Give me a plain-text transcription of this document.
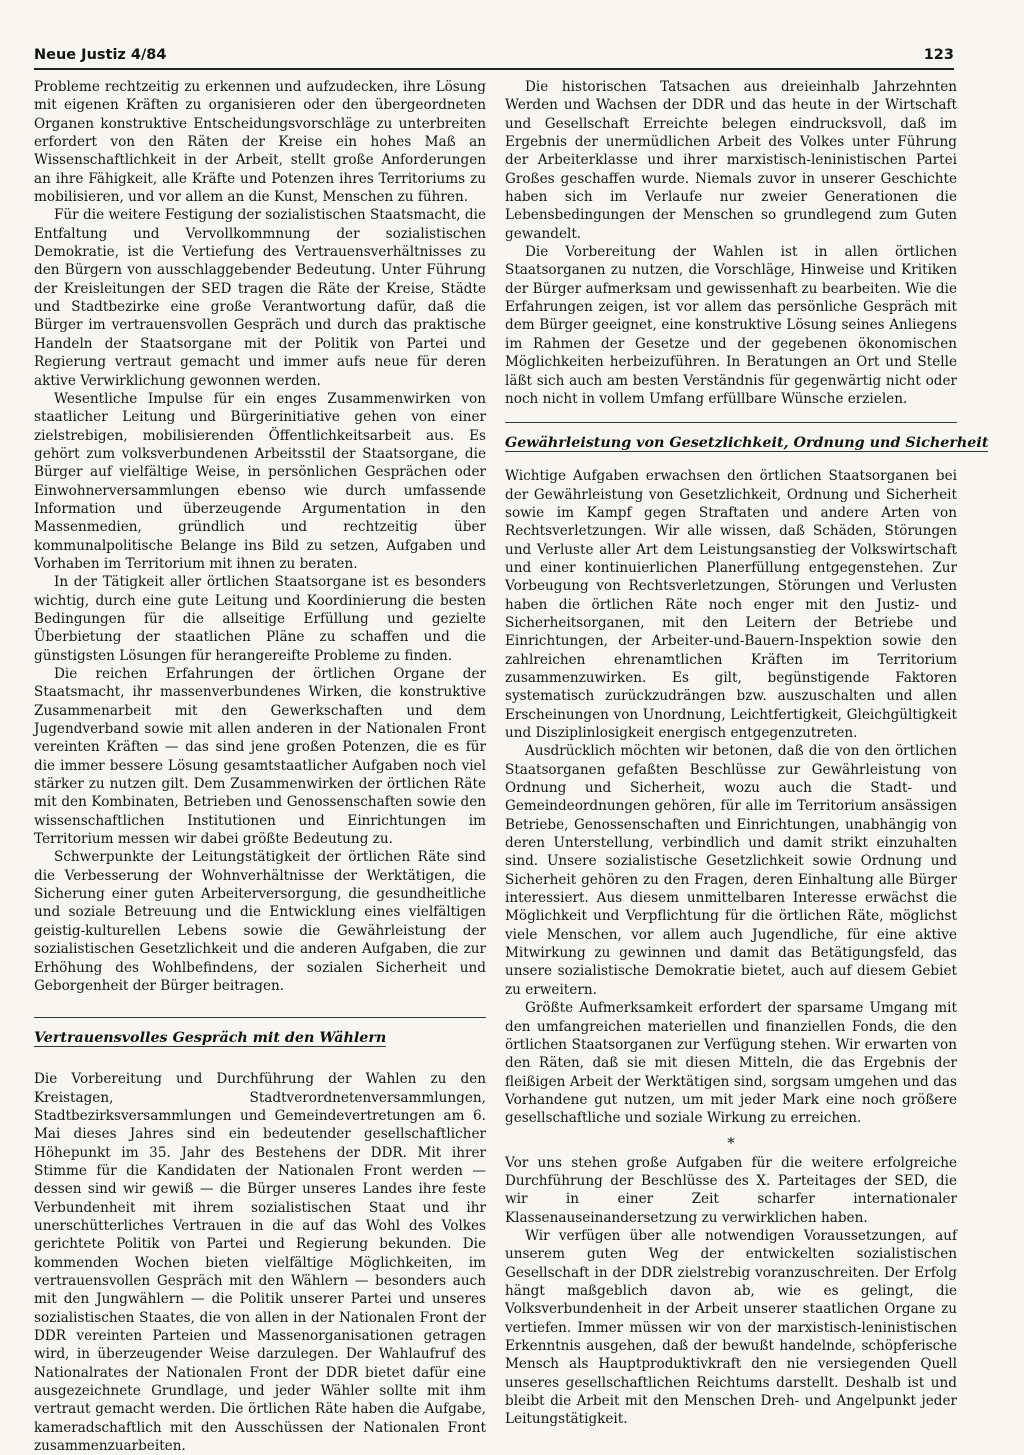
Neue Justiz 4/84	123

Probleme rechtzeitig zu erkennen und aufzudecken, ihre Lösung mit eigenen Kräften zu organisieren oder den übergeordneten Organen konstruktive Entscheidungsvorschläge zu unterbreiten erfordert von den Räten der Kreise ein hohes Maß an Wissenschaftlichkeit in der Arbeit, stellt große Anforderungen an ihre Fähigkeit, alle Kräfte und Potenzen ihres Territoriums zu mobilisieren, und vor allem an die Kunst, Menschen zu führen.

Für die weitere Festigung der sozialistischen Staatsmacht, die Entfaltung und Vervollkommnung der sozialistischen Demokratie, ist die Vertiefung des Vertrauensverhältnisses zu den Bürgern von ausschlaggebender Bedeutung. Unter Führung der Kreisleitungen der SED tragen die Räte der Kreise, Städte und Stadtbezirke eine große Verantwortung dafür, daß die Bürger im vertrauensvollen Gespräch und durch das praktische Handeln der Staatsorgane mit der Politik von Partei und Regierung vertraut gemacht und immer aufs neue für deren aktive Verwirklichung gewonnen werden.

Wesentliche Impulse für ein enges Zusammenwirken von staatlicher Leitung und Bürgerinitiative gehen von einer zielstrebigen, mobilisierenden Öffentlichkeitsarbeit aus. Es gehört zum volksverbundenen Arbeitsstil der Staatsorgane, die Bürger auf vielfältige Weise, in persönlichen Gesprächen oder Einwohnerversammlungen ebenso wie durch umfassende Information und überzeugende Argumentation in den Massenmedien, gründlich und rechtzeitig über kommunalpolitische Belange ins Bild zu setzen, Aufgaben und Vorhaben im Territorium mit ihnen zu beraten.

In der Tätigkeit aller örtlichen Staatsorgane ist es besonders wichtig, durch eine gute Leitung und Koordinierung die besten Bedingungen für die allseitige Erfüllung und gezielte Überbietung der staatlichen Pläne zu schaffen und die günstigsten Lösungen für herangereifte Probleme zu finden.

Die reichen Erfahrungen der örtlichen Organe der Staatsmacht, ihr massenverbundenes Wirken, die konstruktive Zusammenarbeit mit den Gewerkschaften und dem Jugendverband sowie mit allen anderen in der Nationalen Front vereinten Kräften — das sind jene großen Potenzen, die es für die immer bessere Lösung gesamtstaatlicher Aufgaben noch viel stärker zu nutzen gilt. Dem Zusammenwirken der örtlichen Räte mit den Kombinaten, Betrieben und Genossenschaften sowie den wissenschaftlichen Institutionen und Einrichtungen im Territorium messen wir dabei größte Bedeutung zu.

Schwerpunkte der Leitungstätigkeit der örtlichen Räte sind die Verbesserung der Wohnverhältnisse der Werktätigen, die Sicherung einer guten Arbeiterversorgung, die gesundheitliche und soziale Betreuung und die Entwicklung eines vielfältigen geistig-kulturellen Lebens sowie die Gewährleistung der sozialistischen Gesetzlichkeit und die anderen Aufgaben, die zur Erhöhung des Wohlbefindens, der sozialen Sicherheit und Geborgenheit der Bürger beitragen.

Vertrauensvolles Gespräch mit den Wählern

Die Vorbereitung und Durchführung der Wahlen zu den Kreistagen, Stadtverordnetenversammlungen, Stadtbezirksversammlungen und Gemeindevertretungen am 6. Mai dieses Jahres sind ein bedeutender gesellschaftlicher Höhepunkt im 35. Jahr des Bestehens der DDR. Mit ihrer Stimme für die Kandidaten der Nationalen Front werden — dessen sind wir gewiß — die Bürger unseres Landes ihre feste Verbundenheit mit ihrem sozialistischen Staat und ihr unerschütterliches Vertrauen in die auf das Wohl des Volkes gerichtete Politik von Partei und Regierung bekunden. Die kommenden Wochen bieten vielfältige Möglichkeiten, im vertrauensvollen Gespräch mit den Wählern — besonders auch mit den Jungwählern — die Politik unserer Partei und unseres sozialistischen Staates, die von allen in der Nationalen Front der DDR vereinten Parteien und Massenorganisationen getragen wird, in überzeugender Weise darzulegen. Der Wahlaufruf des Nationalrates der Nationalen Front der DDR bietet dafür eine ausgezeichnete Grundlage, und jeder Wähler sollte mit ihm vertraut gemacht werden. Die örtlichen Räte haben die Aufgabe, kameradschaftlich mit den Ausschüssen der Nationalen Front zusammenzuarbeiten.

Die historischen Tatsachen aus dreieinhalb Jahrzehnten Werden und Wachsen der DDR und das heute in der Wirtschaft und Gesellschaft Erreichte belegen eindrucksvoll, daß im Ergebnis der unermüdlichen Arbeit des Volkes unter Führung der Arbeiterklasse und ihrer marxistisch-leninistischen Partei Großes geschaffen wurde. Niemals zuvor in unserer Geschichte haben sich im Verlaufe nur zweier Generationen die Lebensbedingungen der Menschen so grundlegend zum Guten gewandelt.

Die Vorbereitung der Wahlen ist in allen örtlichen Staatsorganen zu nutzen, die Vorschläge, Hinweise und Kritiken der Bürger aufmerksam und gewissenhaft zu bearbeiten. Wie die Erfahrungen zeigen, ist vor allem das persönliche Gespräch mit dem Bürger geeignet, eine konstruktive Lösung seines Anliegens im Rahmen der Gesetze und der gegebenen ökonomischen Möglichkeiten herbeizuführen. In Beratungen an Ort und Stelle läßt sich auch am besten Verständnis für gegenwärtig nicht oder noch nicht in vollem Umfang erfüllbare Wünsche erzielen.

Gewährleistung von Gesetzlichkeit, Ordnung und Sicherheit

Wichtige Aufgaben erwachsen den örtlichen Staatsorganen bei der Gewährleistung von Gesetzlichkeit, Ordnung und Sicherheit sowie im Kampf gegen Straftaten und andere Arten von Rechtsverletzungen. Wir alle wissen, daß Schäden, Störungen und Verluste aller Art dem Leistungsanstieg der Volkswirtschaft und einer kontinuierlichen Planerfüllung entgegenstehen. Zur Vorbeugung von Rechtsverletzungen, Störungen und Verlusten haben die örtlichen Räte noch enger mit den Justiz- und Sicherheitsorganen, mit den Leitern der Betriebe und Einrichtungen, der Arbeiter-und-Bauern-Inspektion sowie den zahlreichen ehrenamtlichen Kräften im Territorium zusammenzuwirken. Es gilt, begünstigende Faktoren systematisch zurückzudrängen bzw. auszuschalten und allen Erscheinungen von Unordnung, Leichtfertigkeit, Gleichgültigkeit und Disziplinlosigkeit energisch entgegenzutreten.

Ausdrücklich möchten wir betonen, daß die von den örtlichen Staatsorganen gefaßten Beschlüsse zur Gewährleistung von Ordnung und Sicherheit, wozu auch die Stadt- und Gemeindeordnungen gehören, für alle im Territorium ansässigen Betriebe, Genossenschaften und Einrichtungen, unabhängig von deren Unterstellung, verbindlich und damit strikt einzuhalten sind. Unsere sozialistische Gesetzlichkeit sowie Ordnung und Sicherheit gehören zu den Fragen, deren Einhaltung alle Bürger interessiert. Aus diesem unmittelbaren Interesse erwächst die Möglichkeit und Verpflichtung für die örtlichen Räte, möglichst viele Menschen, vor allem auch Jugendliche, für eine aktive Mitwirkung zu gewinnen und damit das Betätigungsfeld, das unsere sozialistische Demokratie bietet, auch auf diesem Gebiet zu erweitern.

Größte Aufmerksamkeit erfordert der sparsame Umgang mit den umfangreichen materiellen und finanziellen Fonds, die den örtlichen Staatsorganen zur Verfügung stehen. Wir erwarten von den Räten, daß sie mit diesen Mitteln, die das Ergebnis der fleißigen Arbeit der Werktätigen sind, sorgsam umgehen und das Vorhandene gut nutzen, um mit jeder Mark eine noch größere gesellschaftliche und soziale Wirkung zu erreichen.

*

Vor uns stehen große Aufgaben für die weitere erfolgreiche Durchführung der Beschlüsse des X. Parteitages der SED, die wir in einer Zeit scharfer internationaler Klassenauseinandersetzung zu verwirklichen haben.

Wir verfügen über alle notwendigen Voraussetzungen, auf unserem guten Weg der entwickelten sozialistischen Gesellschaft in der DDR zielstrebig voranzuschreiten. Der Erfolg hängt maßgeblich davon ab, wie es gelingt, die Volksverbundenheit in der Arbeit unserer staatlichen Organe zu vertiefen. Immer müssen wir von der marxistisch-leninistischen Erkenntnis ausgehen, daß der bewußt handelnde, schöpferische Mensch als Hauptproduktivkraft den nie versiegenden Quell unseres gesellschaftlichen Reichtums darstellt. Deshalb ist und bleibt die Arbeit mit den Menschen Dreh- und Angelpunkt jeder Leitungstätigkeit.
